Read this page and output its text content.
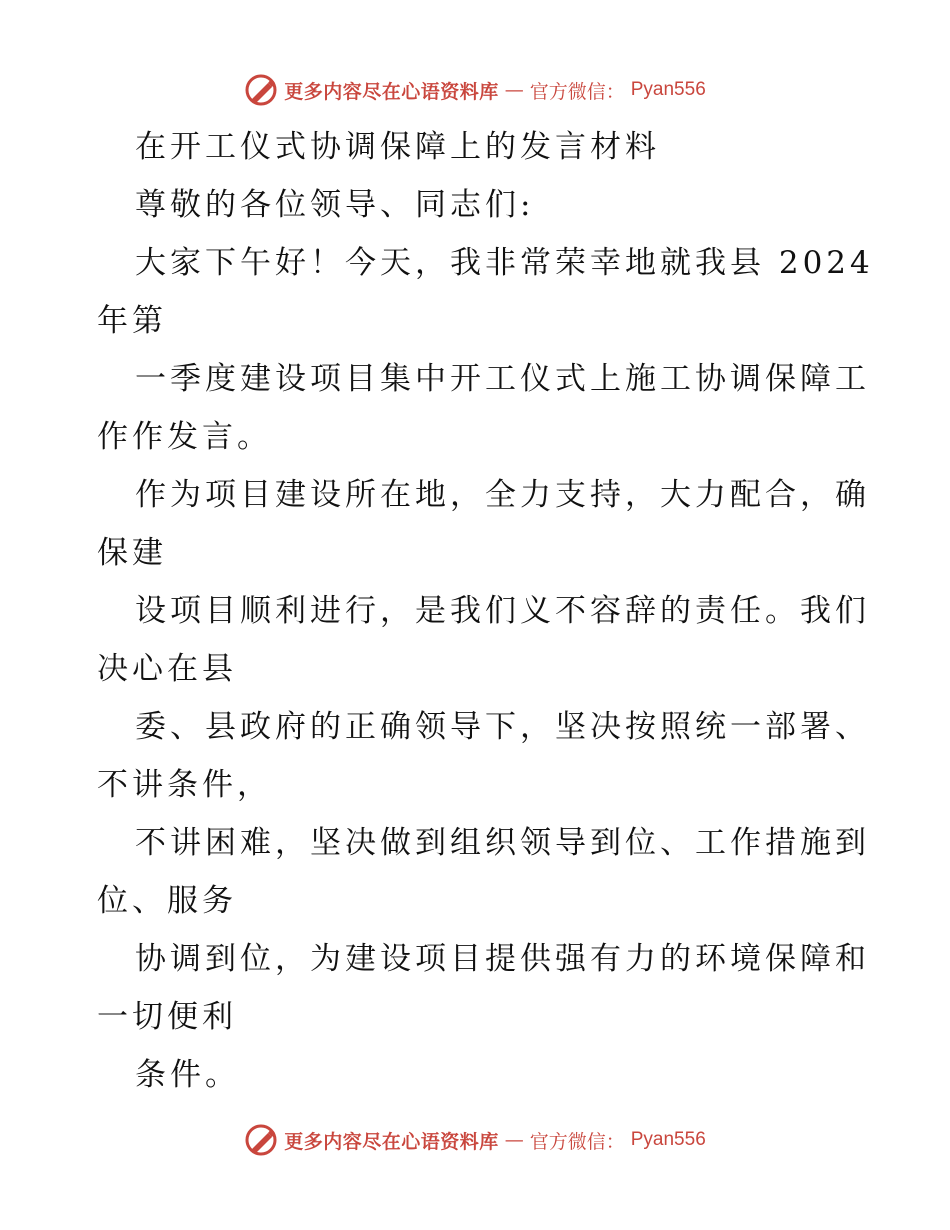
更多内容尽在心语资料库 — 官方微信： Pyan556
在开工仪式协调保障上的发言材料
尊敬的各位领导、同志们:
大家下午好！今天，我非常荣幸地就我县 2024
年第
一季度建设项目集中开工仪式上施工协调保障工
作作发言。
作为项目建设所在地，全力支持，大力配合，确
保建
设项目顺利进行，是我们义不容辞的责任。我们
决心在县
委、县政府的正确领导下，坚决按照统一部署、
不讲条件，
不讲困难，坚决做到组织领导到位、工作措施到
位、服务
协调到位，为建设项目提供强有力的环境保障和
一切便利
条件。
更多内容尽在心语资料库 — 官方微信： Pyan556
